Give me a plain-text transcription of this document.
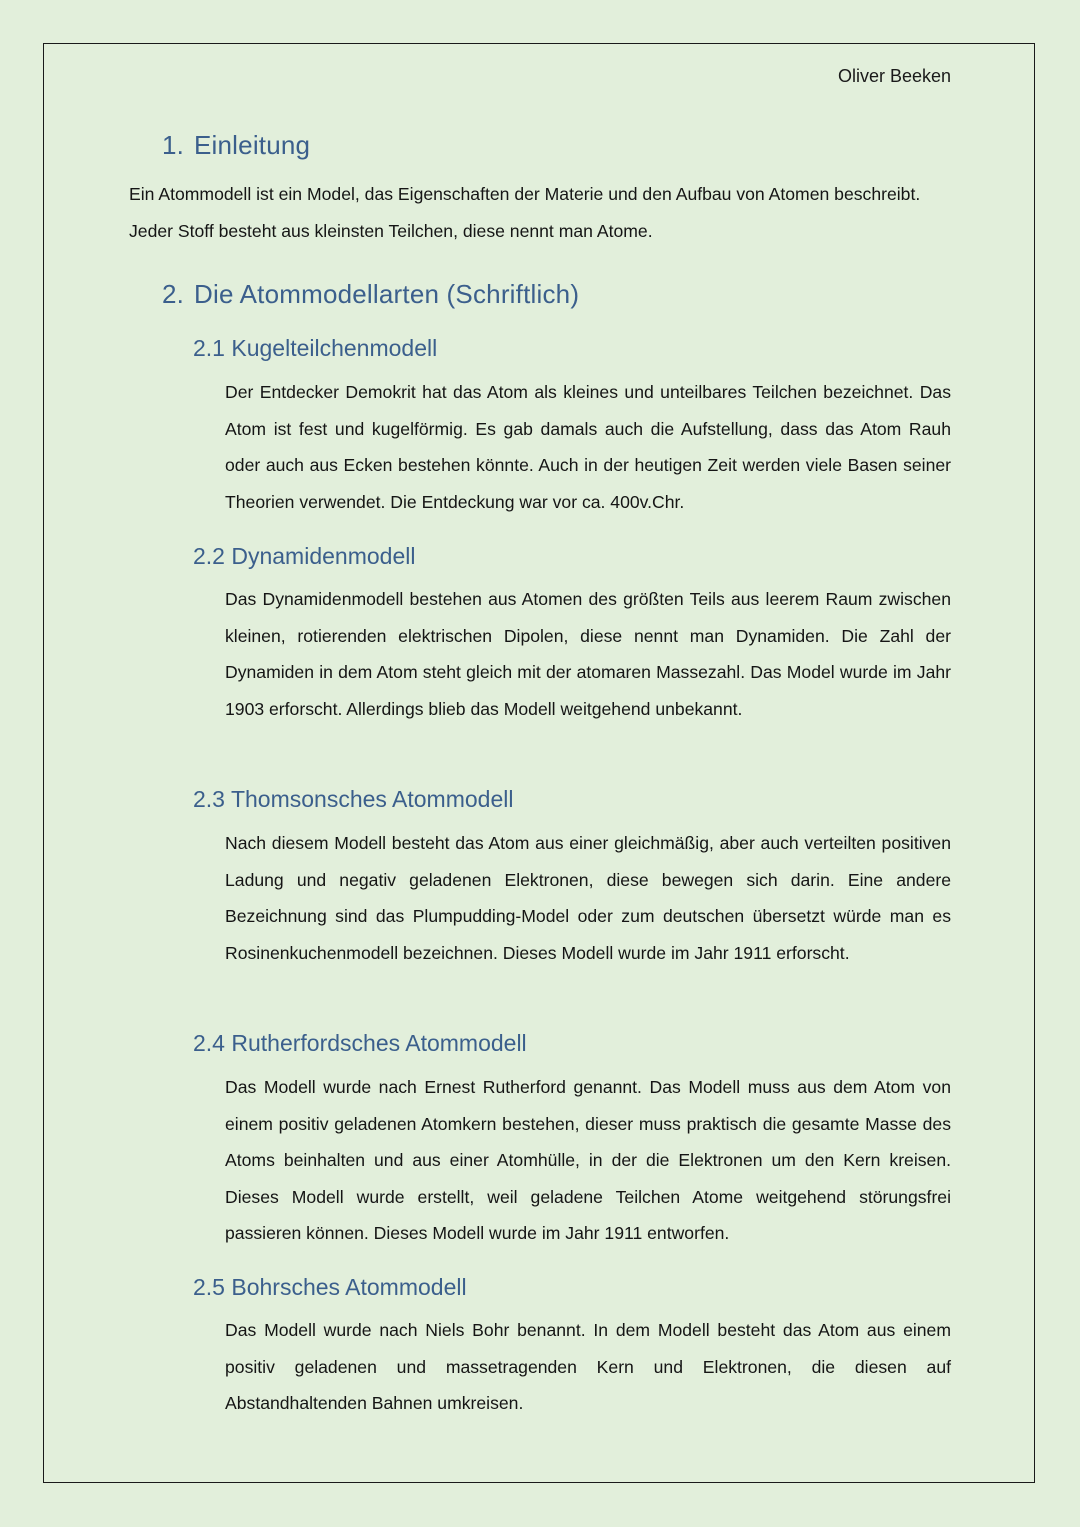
Oliver Beeken
1. Einleitung

Ein Atommodell ist ein Model, das Eigenschaften der Materie und den Aufbau von Atomen beschreibt. Jeder Stoff besteht aus kleinsten Teilchen, diese nennt man Atome.

2. Die Atommodellarten (Schriftlich)
2.1 Kugelteilchenmodell

Der Entdecker Demokrit hat das Atom als kleines und unteilbares Teilchen bezeichnet. Das Atom ist fest und kugelförmig. Es gab damals auch die Aufstellung, dass das Atom Rauh oder auch aus Ecken bestehen könnte. Auch in der heutigen Zeit werden viele Basen seiner Theorien verwendet. Die Entdeckung war vor ca. 400v.Chr.

2.2 Dynamidenmodell

Das Dynamidenmodell bestehen aus Atomen des größten Teils aus leerem Raum zwischen kleinen, rotierenden elektrischen Dipolen, diese nennt man Dynamiden. Die Zahl der Dynamiden in dem Atom steht gleich mit der atomaren Massezahl. Das Model wurde im Jahr 1903 erforscht. Allerdings blieb das Modell weitgehend unbekannt.

2.3 Thomsonsches Atommodell

Nach diesem Modell besteht das Atom aus einer gleichmäßig, aber auch verteilten positiven Ladung und negativ geladenen Elektronen, diese bewegen sich darin. Eine andere Bezeichnung sind das Plumpudding-Model oder zum deutschen übersetzt würde man es Rosinenkuchenmodell bezeichnen. Dieses Modell wurde im Jahr 1911 erforscht.

2.4 Rutherfordsches Atommodell

Das Modell wurde nach Ernest Rutherford genannt. Das Modell muss aus dem Atom von einem positiv geladenen Atomkern bestehen, dieser muss praktisch die gesamte Masse des Atoms beinhalten und aus einer Atomhülle, in der die Elektronen um den Kern kreisen. Dieses Modell wurde erstellt, weil geladene Teilchen Atome weitgehend störungsfrei passieren können. Dieses Modell wurde im Jahr 1911 entworfen.

2.5 Bohrsches Atommodell

Das Modell wurde nach Niels Bohr benannt. In dem Modell besteht das Atom aus einem positiv geladenen und massetragenden Kern und Elektronen, die diesen auf Abstandhaltenden Bahnen umkreisen.
